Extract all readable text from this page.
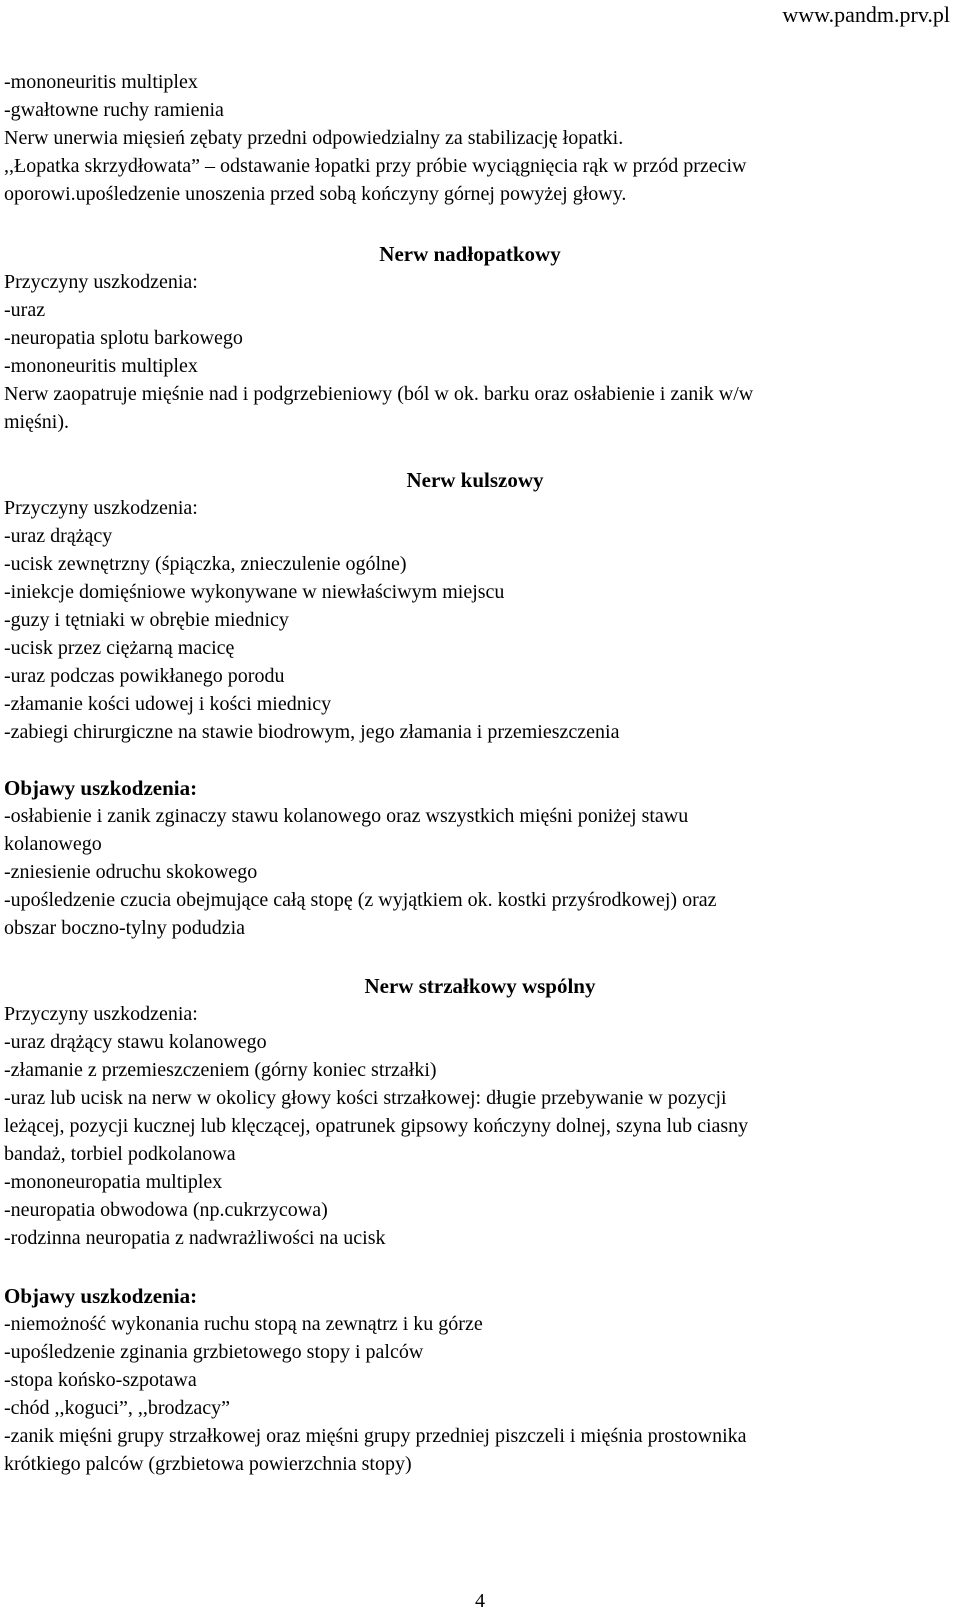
www.pandm.prv.pl
-mononeuritis multiplex
-gwałtowne ruchy ramienia
Nerw unerwia mięsień zębaty przedni odpowiedzialny za stabilizację łopatki.
,,Łopatka skrzydłowata” – odstawanie łopatki przy próbie wyciągnięcia rąk w przód przeciw
oporowi.upośledzenie unoszenia przed sobą kończyny górnej powyżej głowy.
Nerw nadłopatkowy
Przyczyny uszkodzenia:
-uraz
-neuropatia splotu barkowego
-mononeuritis multiplex
Nerw zaopatruje mięśnie nad i podgrzebieniowy (ból w ok. barku oraz osłabienie i zanik w/w
mięśni).
Nerw kulszowy
Przyczyny uszkodzenia:
-uraz drążący
-ucisk zewnętrzny (śpiączka, znieczulenie ogólne)
-iniekcje domięśniowe wykonywane w niewłaściwym miejscu
-guzy i tętniaki w obrębie miednicy
-ucisk przez ciężarną macicę
-uraz podczas powikłanego porodu
-złamanie kości udowej i kości miednicy
-zabiegi chirurgiczne na stawie biodrowym, jego złamania i przemieszczenia
Objawy uszkodzenia:
-osłabienie i zanik zginaczy stawu kolanowego oraz wszystkich mięśni poniżej stawu
kolanowego
-zniesienie odruchu skokowego
-upośledzenie czucia obejmujące całą stopę (z wyjątkiem ok. kostki przyśrodkowej) oraz
obszar boczno-tylny podudzia
Nerw strzałkowy wspólny
Przyczyny uszkodzenia:
-uraz drążący stawu kolanowego
-złamanie z przemieszczeniem (górny koniec strzałki)
-uraz lub ucisk na nerw w okolicy głowy kości strzałkowej: długie przebywanie w pozycji
leżącej, pozycji kucznej lub klęczącej, opatrunek gipsowy kończyny dolnej, szyna lub ciasny
bandaż, torbiel podkolanowa
-mononeuropatia multiplex
-neuropatia obwodowa (np.cukrzycowa)
-rodzinna neuropatia z nadwrażliwości na ucisk
Objawy uszkodzenia:
-niemożność wykonania ruchu stopą na zewnątrz i ku górze
-upośledzenie zginania grzbietowego stopy i palców
-stopa końsko-szpotawa
-chód ,,koguci”, ,,brodzacy”
-zanik mięśni grupy strzałkowej oraz mięśni grupy przedniej piszczeli i mięśnia prostownika
krótkiego palców (grzbietowa powierzchnia stopy)
4
